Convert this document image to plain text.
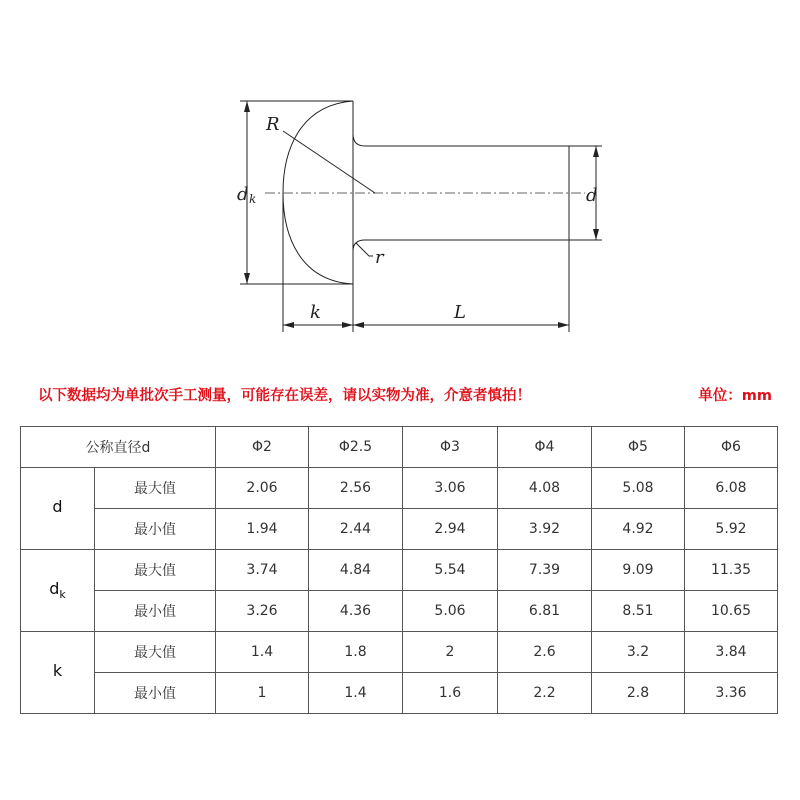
R
d k	d
r
k	L
以下数据均为单批次手工测量，可能存在误差，请以实物为准，介意者慎拍！	单位：mm
公称直径d		Φ2	Φ2.5	Φ3	Φ4	Φ5	Φ6
d	最大值	2.06	2.56	3.06	4.08	5.08	6.08
	最小值	1.94	2.44	2.94	3.92	4.92	5.92
$d_k$	最大值	3.74	4.84	5.54	7.39	9.09	11.35
	最小值	3.26	4.36	5.06	6.81	8.51	10.65
k	最大值	1.4	1.8	2	2.6	3.2	3.84
	最小值	1	1.4	1.6	2.2	2.8	3.36
